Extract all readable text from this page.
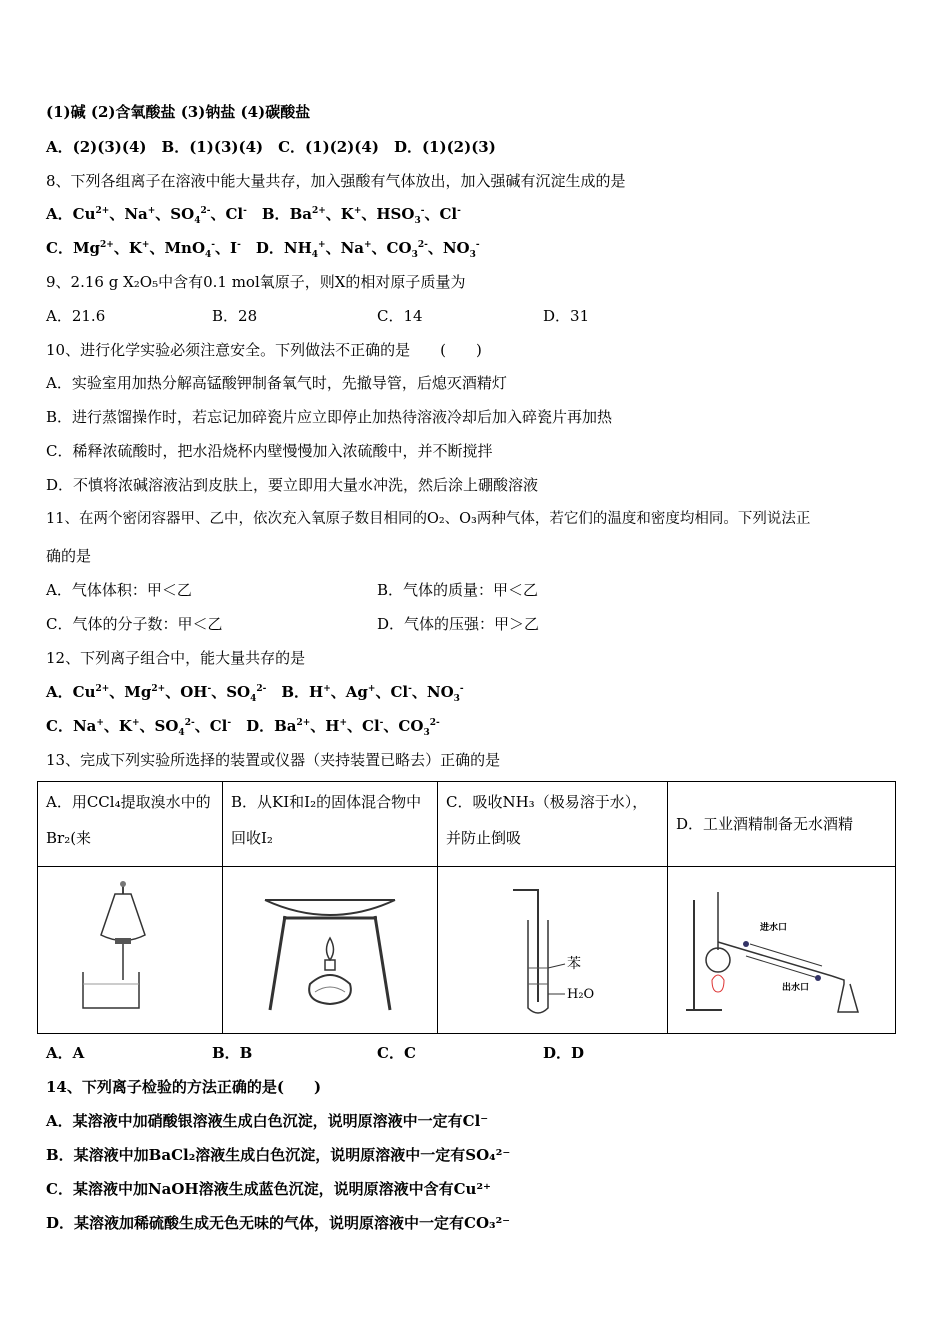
(1)碱 (2)含氧酸盐 (3)钠盐 (4)碳酸盐
A．(2)(3)(4)　B．(1)(3)(4)　C．(1)(2)(4)　D．(1)(2)(3)
8、下列各组离子在溶液中能大量共存，加入强酸有气体放出，加入强碱有沉淀生成的是
A．$Cu^{2+}$、Na+、$SO_4^{2-}$、Cl-　 B．$Ba^{2+}$、K+、$HSO_3^-$、Cl-
C．$Mg^{2+}$、K+、MnO$_4$-、I-　 D．$NH_4^+$、Na+、$CO_3^{2-}$、$NO_3^-$
9、2.16 g X₂O₅中含有0.1 mol氧原子，则X的相对原子质量为
A．21.6	B．28	C．14	D．31
10、进行化学实验必须注意安全。下列做法不正确的是　　(　　)
A．实验室用加热分解高锰酸钾制备氧气时，先撤导管，后熄灭酒精灯
B．进行蒸馏操作时，若忘记加碎瓷片应立即停止加热待溶液冷却后加入碎瓷片再加热
C．稀释浓硫酸时，把水沿烧杯内壁慢慢加入浓硫酸中，并不断搅拌
D．不慎将浓碱溶液沾到皮肤上，要立即用大量水冲洗，然后涂上硼酸溶液
11、在两个密闭容器甲、乙中，依次充入氧原子数目相同的O₂、O₃两种气体，若它们的温度和密度均相同。下列说法正
确的是
A．气体体积：甲＜乙	B．气体的质量：甲＜乙
C．气体的分子数：甲＜乙	D．气体的压强：甲＞乙
12、下列离子组合中，能大量共存的是
A．$Cu^{2+}$、$Mg^{2+}$、OH-、$SO_4^{2-}$　B．H+、Ag+、Cl-、$NO_3^-$
C．Na+、K+、$SO_4^{2-}$、Cl-　D．$Ba^{2+}$、H+、Cl-、$CO_3^{2-}$
13、完成下列实验所选择的装置或仪器（夹持装置已略去）正确的是
A．用CCl₄提取溴水中的Br₂(来	B．从KI和I₂的固体混合物中回收I₂	C．吸收NH₃（极易溶于水），并防止倒吸	D．工业酒精制备无水酒精

苯
H₂O	进水口
出水口
A．A	B．B	C．C	D．D
14、下列离子检验的方法正确的是(　　)
A．某溶液中加硝酸银溶液生成白色沉淀，说明原溶液中一定有Cl⁻
B．某溶液中加BaCl₂溶液生成白色沉淀，说明原溶液中一定有SO₄²⁻
C．某溶液中加NaOH溶液生成蓝色沉淀，说明原溶液中含有Cu²⁺
D．某溶液加稀硫酸生成无色无味的气体，说明原溶液中一定有CO₃²⁻
